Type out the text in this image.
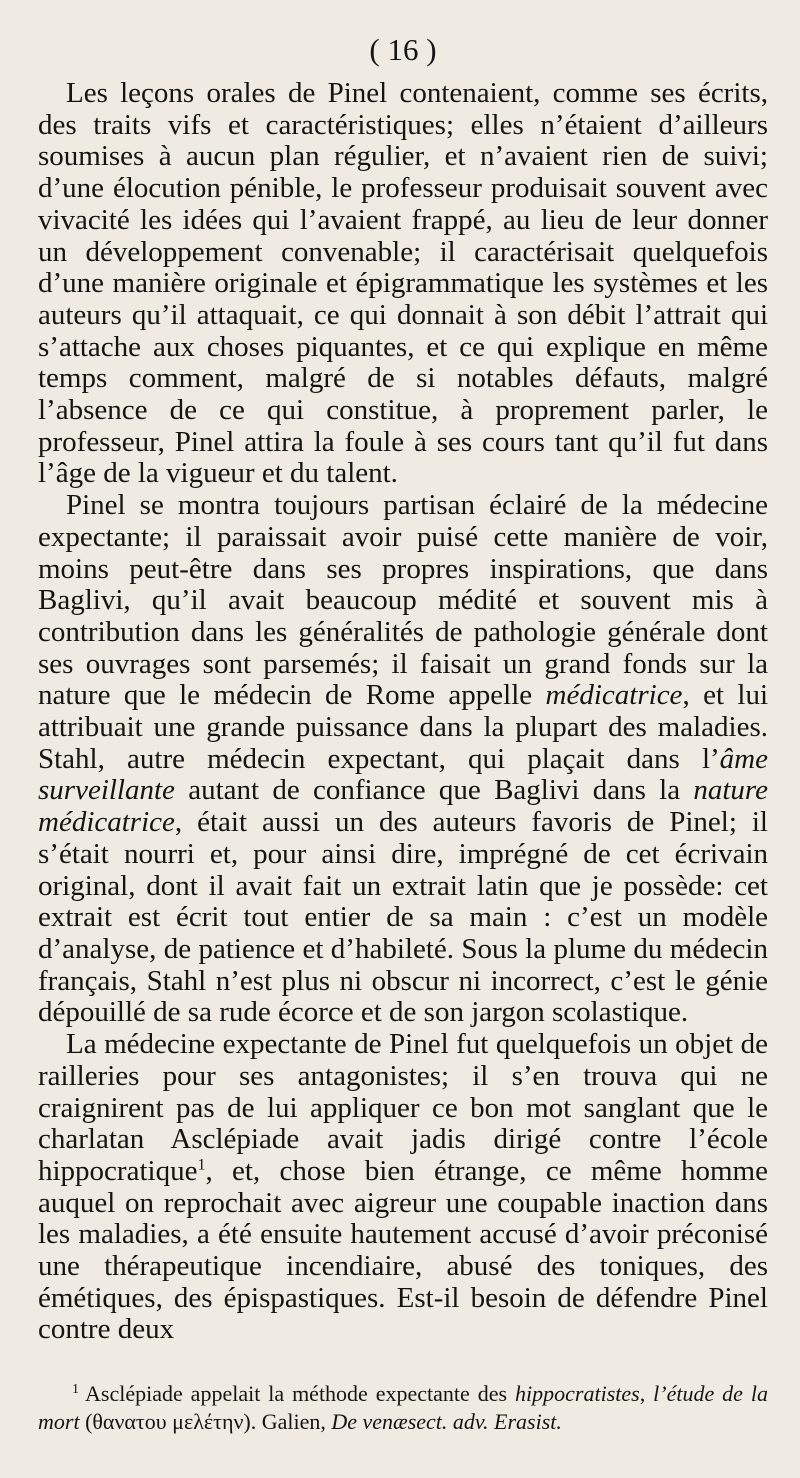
( 16 )

Les leçons orales de Pinel contenaient, comme ses écrits, des traits vifs et caractéristiques; elles n’étaient d’ailleurs soumises à aucun plan régulier, et n’avaient rien de suivi; d’une élocution pénible, le professeur produisait souvent avec vivacité les idées qui l’avaient frappé, au lieu de leur donner un développement convenable; il caractérisait quelquefois d’une manière originale et épigrammatique les systèmes et les auteurs qu’il attaquait, ce qui donnait à son débit l’attrait qui s’attache aux choses piquantes, et ce qui explique en même temps comment, malgré de si notables défauts, malgré l’absence de ce qui constitue, à proprement parler, le professeur, Pinel attira la foule à ses cours tant qu’il fut dans l’âge de la vigueur et du talent.

Pinel se montra toujours partisan éclairé de la médecine expectante; il paraissait avoir puisé cette manière de voir, moins peut-être dans ses propres inspirations, que dans Baglivi, qu’il avait beaucoup médité et souvent mis à contribution dans les généralités de pathologie générale dont ses ouvrages sont parsemés; il faisait un grand fonds sur la nature que le médecin de Rome appelle médicatrice, et lui attribuait une grande puissance dans la plupart des maladies. Stahl, autre médecin expectant, qui plaçait dans l’âme surveillante autant de confiance que Baglivi dans la nature médicatrice, était aussi un des auteurs favoris de Pinel; il s’était nourri et, pour ainsi dire, imprégné de cet écrivain original, dont il avait fait un extrait latin que je possède: cet extrait est écrit tout entier de sa main : c’est un modèle d’analyse, de patience et d’habileté. Sous la plume du médecin français, Stahl n’est plus ni obscur ni incorrect, c’est le génie dépouillé de sa rude écorce et de son jargon scolastique.

La médecine expectante de Pinel fut quelquefois un objet de railleries pour ses antagonistes; il s’en trouva qui ne craignirent pas de lui appliquer ce bon mot sanglant que le charlatan Asclépiade avait jadis dirigé contre l’école hippocratique$^1$, et, chose bien étrange, ce même homme auquel on reprochait avec aigreur une coupable inaction dans les maladies, a été ensuite hautement accusé d’avoir préconisé une thérapeutique incendiaire, abusé des toniques, des émétiques, des épispastiques. Est-il besoin de défendre Pinel contre deux

$^1$ Asclépiade appelait la méthode expectante des hippocratistes, l’étude de la mort (θανατου μελέτην). Galien, De venæsect. adv. Erasist.
